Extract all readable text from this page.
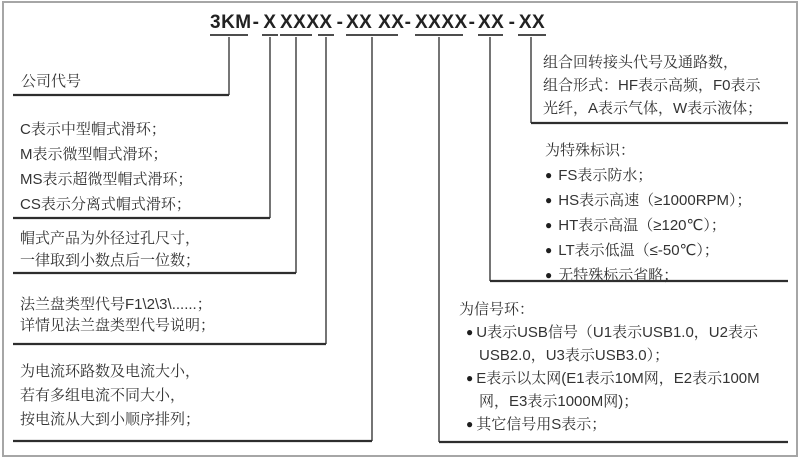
3KM - X XXX X - XX XX - XXXX - XX - XX
公司代号
C表示中型帽式滑环；
M表示微型帽式滑环；
MS表示超微型帽式滑环；
CS表示分离式帽式滑环；
帽式产品为外径过孔尺寸，
一律取到小数点后一位数；
法兰盘类型代号F1\2\3\......；
详情见法兰盘类型代号说明；
为电流环路数及电流大小，
若有多组电流不同大小，
按电流从大到小顺序排列；
组合回转接头代号及通路数，
组合形式：HF表示高频，F0表示
光纤，A表示气体，W表示液体；
为特殊标识：
● FS表示防水；
● HS表示高速（≥1000RPM）；
● HT表示高温（≥120℃）；
● LT表示低温（≤-50℃）；
● 无特殊标示省略；
为信号环：
● U表示USB信号（U1表示USB1.0，U2表示
USB2.0，U3表示USB3.0）；
● E表示以太网(E1表示10M网，E2表示100M
网，E3表示1000M网)；
● 其它信号用S表示；
